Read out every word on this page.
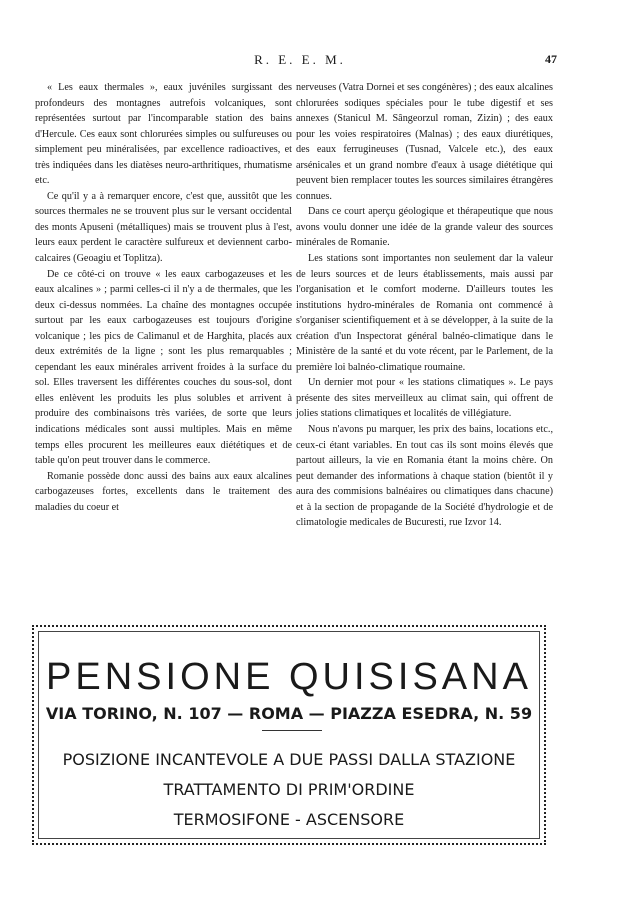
R. E. E. M.	47

« Les eaux thermales », eaux juvéniles surgissant des profondeurs des montagnes autrefois volcaniques, sont représentées surtout par l'incomparable station des bains d'Hercule. Ces eaux sont chlorurées simples ou sulfureuses ou simplement peu minéralisées, par excellence radioactives, et très indiquées dans les diatèses neuro-arthritiques, rhumatisme etc.

Ce qu'il y a à remarquer encore, c'est que, aussitôt que les sources thermales ne se trouvent plus sur le versant occidental des monts Apuseni (métalliques) mais se trouvent plus à l'est, leurs eaux perdent le caractère sulfureux et deviennent carbo-calcaires (Geoagiu et Toplitza).

De ce côté-ci on trouve « les eaux carbogazeuses et les eaux alcalines » ; parmi celles-ci il n'y a de thermales, que les deux ci-dessus nommées. La chaîne des montagnes occupée surtout par les eaux carbogazeuses est toujours d'origine volcanique ; les pics de Calimanul et de Harghita, placés aux deux extrémités de la ligne ; sont les plus remarquables ; cependant les eaux minérales arrivent froides à la surface du sol. Elles traversent les différentes couches du sous-sol, dont elles enlèvent les produits les plus solubles et arrivent à produire des combinaisons très variées, de sorte que leurs indications médicales sont aussi multiples. Mais en même temps elles procurent les meilleures eaux diététiques et de table qu'on peut trouver dans le commerce.

Romanie possède donc aussi des bains aux eaux alcalines carbogazeuses fortes, excellents dans le traitement des maladies du coeur et

nerveuses (Vatra Dornei et ses congénères) ; des eaux alcalines chlorurées sodiques spéciales pour le tube digestif et ses annexes (Stanicul M. Sângeorzul roman, Zizin) ; des eaux pour les voies respiratoires (Malnas) ; des eaux diurétiques, des eaux ferrugineuses (Tusnad, Valcele etc.), des eaux arsénicales et un grand nombre d'eaux à usage diététique qui peuvent bien remplacer toutes les sources similaires étrangères connues.

Dans ce court aperçu géologique et thérapeutique que nous avons voulu donner une idée de la grande valeur des sources minérales de Romanie.

Les stations sont importantes non seulement dar la valeur de leurs sources et de leurs établissements, mais aussi par l'organisation et le comfort moderne. D'ailleurs toutes les institutions hydro-minérales de Romania ont commencé à s'organiser scientifiquement et à se développer, à la suite de la création d'un Inspectorat général balnéo-climatique dans le Ministère de la santé et du vote récent, par le Parlement, de la première loi balnéo-climatique roumaine.

Un dernier mot pour « les stations climatiques ». Le pays présente des sites merveilleux au climat sain, qui offrent de jolies stations climatiques et localités de villégiature.

Nous n'avons pu marquer, les prix des bains, locations etc., ceux-ci étant variables. En tout cas ils sont moins élevés que partout ailleurs, la vie en Romania étant la moins chère. On peut demander des informations à chaque station (bientôt il y aura des commisions balnéaires ou climatiques dans chacune) et à la section de propagande de la Société d'hydrologie et de climatologie medicales de Bucuresti, rue Izvor 14.

PENSIONE QUISISANA
VIA TORINO, N. 107 — ROMA — PIAZZA ESEDRA, N. 59
POSIZIONE INCANTEVOLE A DUE PASSI DALLA STAZIONE
TRATTAMENTO DI PRIM'ORDINE
TERMOSIFONE - ASCENSORE
